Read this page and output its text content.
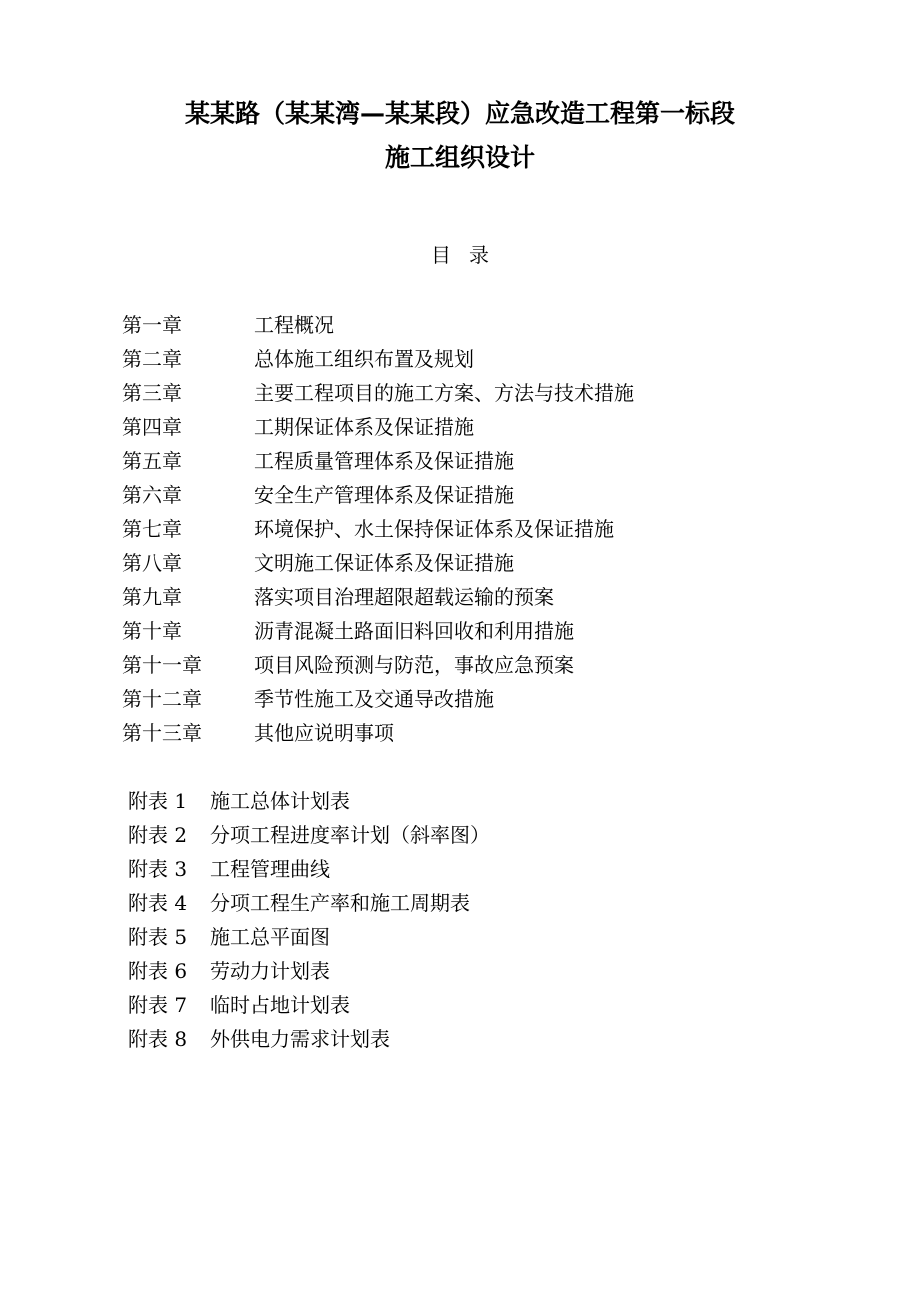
某某路（某某湾—某某段）应急改造工程第一标段
施工组织设计
目录
第一章	工程概况
第二章	总体施工组织布置及规划
第三章	主要工程项目的施工方案、方法与技术措施
第四章	工期保证体系及保证措施
第五章	工程质量管理体系及保证措施
第六章	安全生产管理体系及保证措施
第七章	环境保护、水土保持保证体系及保证措施
第八章	文明施工保证体系及保证措施
第九章	落实项目治理超限超载运输的预案
第十章	沥青混凝土路面旧料回收和利用措施
第十一章	项目风险预测与防范，事故应急预案
第十二章	季节性施工及交通导改措施
第十三章	其他应说明事项
附表 1 施工总体计划表
附表 2 分项工程进度率计划（斜率图）
附表 3 工程管理曲线
附表 4 分项工程生产率和施工周期表
附表 5 施工总平面图
附表 6 劳动力计划表
附表 7 临时占地计划表
附表 8 外供电力需求计划表
